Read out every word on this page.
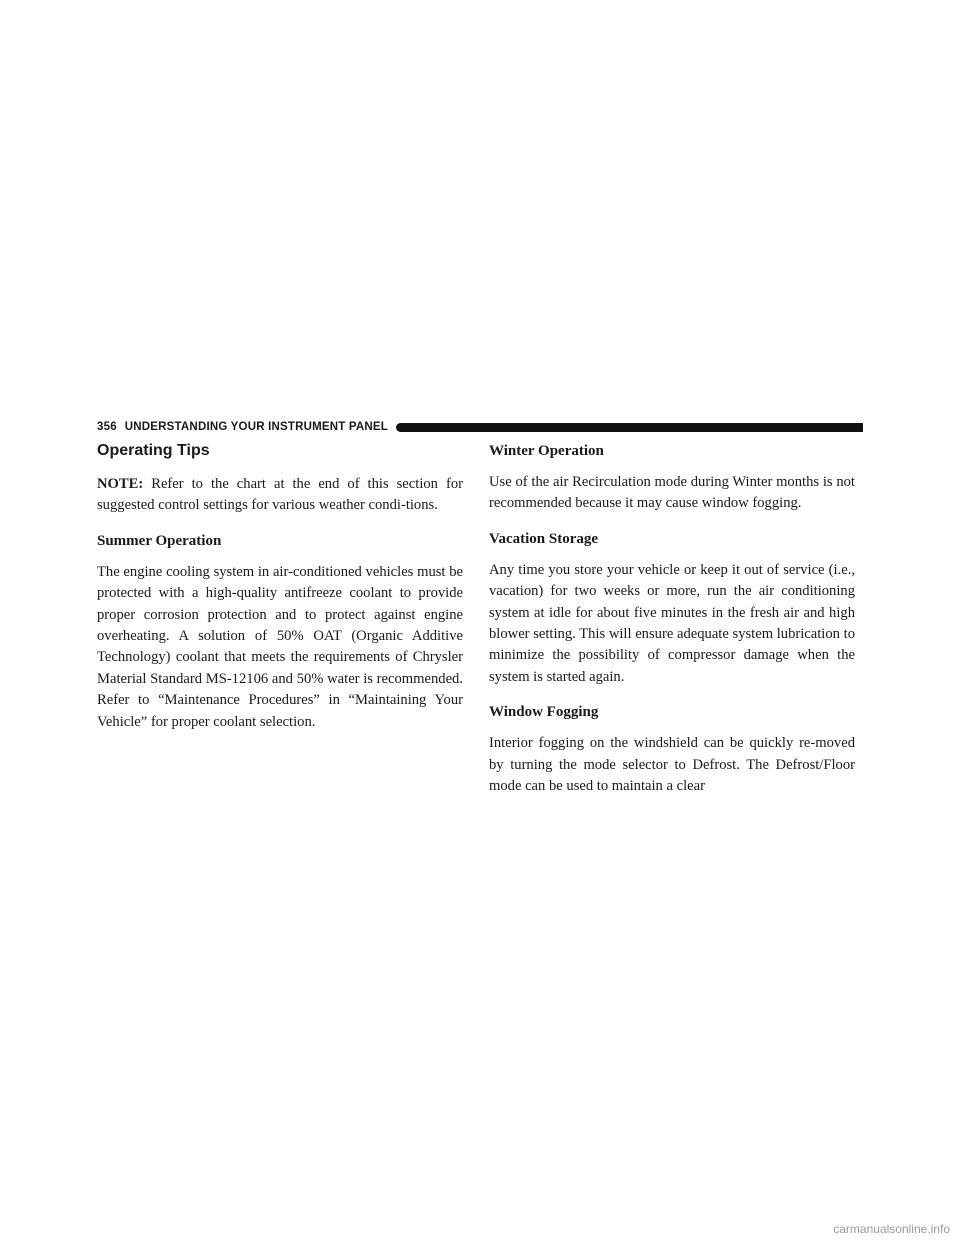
356 UNDERSTANDING YOUR INSTRUMENT PANEL
Operating Tips

NOTE: Refer to the chart at the end of this section for suggested control settings for various weather condi-tions.

Summer Operation

The engine cooling system in air-conditioned vehicles must be protected with a high-quality antifreeze coolant to provide proper corrosion protection and to protect against engine overheating. A solution of 50% OAT (Organic Additive Technology) coolant that meets the requirements of Chrysler Material Standard MS-12106 and 50% water is recommended. Refer to “Maintenance Procedures” in “Maintaining Your Vehicle” for proper coolant selection.

Winter Operation

Use of the air Recirculation mode during Winter months is not recommended because it may cause window fogging.

Vacation Storage

Any time you store your vehicle or keep it out of service (i.e., vacation) for two weeks or more, run the air conditioning system at idle for about five minutes in the fresh air and high blower setting. This will ensure adequate system lubrication to minimize the possibility of compressor damage when the system is started again.

Window Fogging

Interior fogging on the windshield can be quickly re-moved by turning the mode selector to Defrost. The Defrost/Floor mode can be used to maintain a clear

carmanualsonline.info
